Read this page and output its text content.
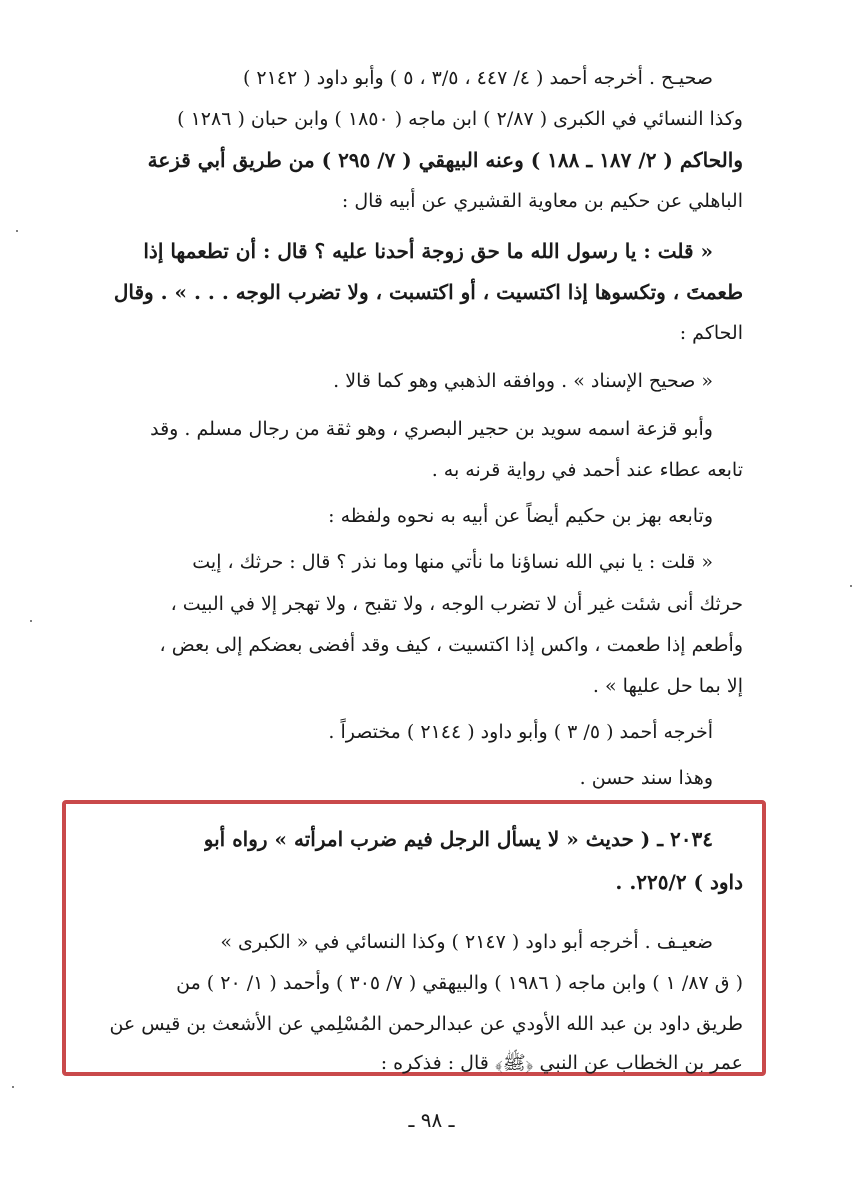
صحيـح . أخرجه أحمد ( ٤/ ٤٤٧ ، ٣/٥ ، ٥ ) وأبو داود ( ٢١٤٢ )
وكذا النسائي في الكبرى ( ٢/٨٧ ) ابن ماجه ( ١٨٥٠ ) وابن حبان ( ١٢٨٦ )
والحاكم ( ٢/ ١٨٧ ـ ١٨٨ ) وعنه البيهقي ( ٧/ ٢٩٥ ) من طريق أبي قزعة
الباهلي عن حكيم بن معاوية القشيري عن أبيه قال :
« قلت : يا رسول الله ما حق زوجة أحدنا عليه ؟ قال : أن تطعمها إذا
طعمتَ ، وتكسوها إذا اكتسيت ، أو اكتسبت ، ولا تضرب الوجه . . . » . وقال
الحاكم :
« صحيح الإسناد » . ووافقه الذهبي وهو كما قالا .
وأبو قزعة اسمه سويد بن حجير البصري ، وهو ثقة من رجال مسلم . وقد
تابعه عطاء عند أحمد في رواية قرنه به .
وتابعه بهز بن حكيم أيضاً عن أبيه به نحوه ولفظه :
« قلت : يا نبي الله نساؤنا ما نأتي منها وما نذر ؟ قال : حرثك ، إيت
حرثك أنى شئت غير أن لا تضرب الوجه ، ولا تقبح ، ولا تهجر إلا في البيت ،
وأطعم إذا طعمت ، واكس إذا اكتسيت ، كيف وقد أفضى بعضكم إلى بعض ،
إلا بما حل عليها » .
أخرجه أحمد ( ٥/ ٣ ) وأبو داود ( ٢١٤٤ ) مختصراً .
وهذا سند حسن .
٢٠٣٤ ـ ( حديث « لا يسأل الرجل فيم ضرب امرأته » رواه أبو
داود ) ٢٢٥/٢. .
ضعيـف . أخرجه أبو داود ( ٢١٤٧ ) وكذا النسائي في « الكبرى »
( ق ٨٧/ ١ ) وابن ماجه ( ١٩٨٦ ) والبيهقي ( ٧/ ٣٠٥ ) وأحمد ( ١/ ٢٠ ) من
طريق داود بن عبد الله الأودي عن عبدالرحمن المُسْلِمي عن الأشعث بن قيس عن
عمر بن الخطاب عن النبي ﴿ﷺ﴾ قال : فذكره :
ـ ٩٨ ـ
